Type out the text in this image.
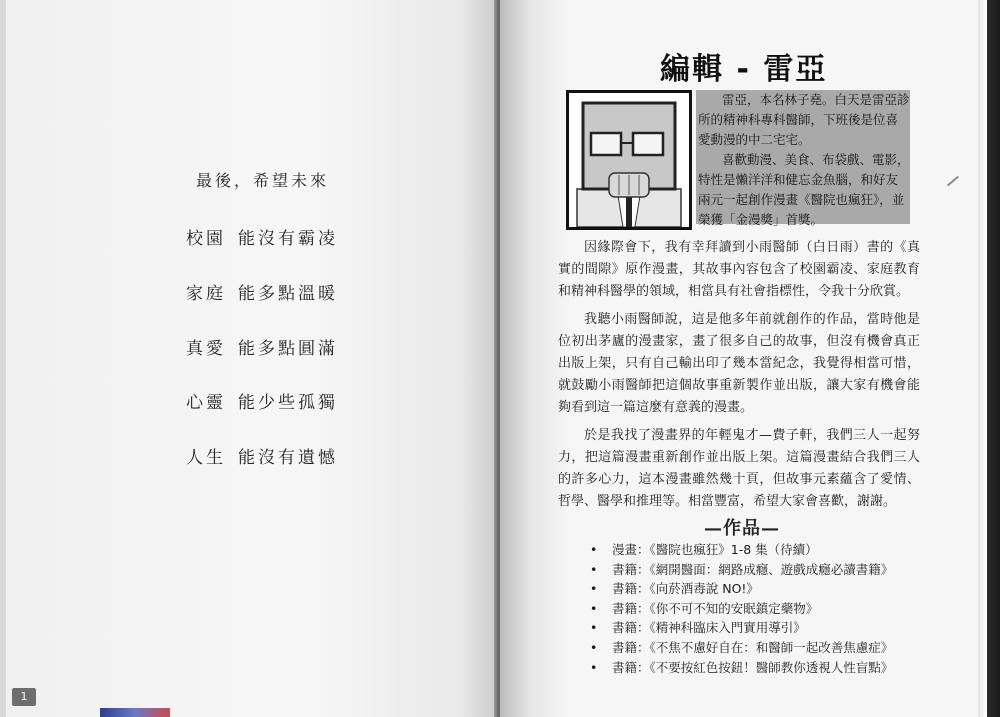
最後，希望未來
校園 能沒有霸凌
家庭 能多點溫暖
真愛 能多點圓滿
心靈 能少些孤獨
人生 能沒有遺憾
1
編輯 - 雷亞

雷亞，本名林子堯。白天是雷亞診所的精神科專科醫師，下班後是位喜愛動漫的中二宅宅。

喜歡動漫、美食、布袋戲、電影，特性是懶洋洋和健忘金魚腦，和好友兩元一起創作漫畫《醫院也瘋狂》，並榮獲「金漫獎」首獎。

因緣際會下，我有幸拜讀到小雨醫師（白日雨）書的《真實的間隙》原作漫畫，其故事內容包含了校園霸凌、家庭教育和精神科醫學的領域，相當具有社會指標性，令我十分欣賞。

我聽小雨醫師說，這是他多年前就創作的作品，當時他是位初出茅廬的漫畫家，畫了很多自己的故事，但沒有機會真正出版上架，只有自己輸出印了幾本當紀念，我覺得相當可惜，就鼓勵小雨醫師把這個故事重新製作並出版，讓大家有機會能夠看到這一篇這麼有意義的漫畫。

於是我找了漫畫界的年輕鬼才—費子軒，我們三人一起努力，把這篇漫畫重新創作並出版上架。這篇漫畫結合我們三人的許多心力，這本漫畫雖然幾十頁，但故事元素蘊含了愛情、哲學、醫學和推理等。相當豐富，希望大家會喜歡，謝謝。

—作品—
• 漫畫：《醫院也瘋狂》1-8 集（待續）
• 書籍：《網開醫面：網路成癮、遊戲成癮必讀書籍》
• 書籍：《向菸酒毒說 NO!》
• 書籍：《你不可不知的安眠鎮定藥物》
• 書籍：《精神科臨床入門實用導引》
• 書籍：《不焦不慮好自在：和醫師一起改善焦慮症》
• 書籍：《不要按紅色按鈕！醫師教你透視人性盲點》
